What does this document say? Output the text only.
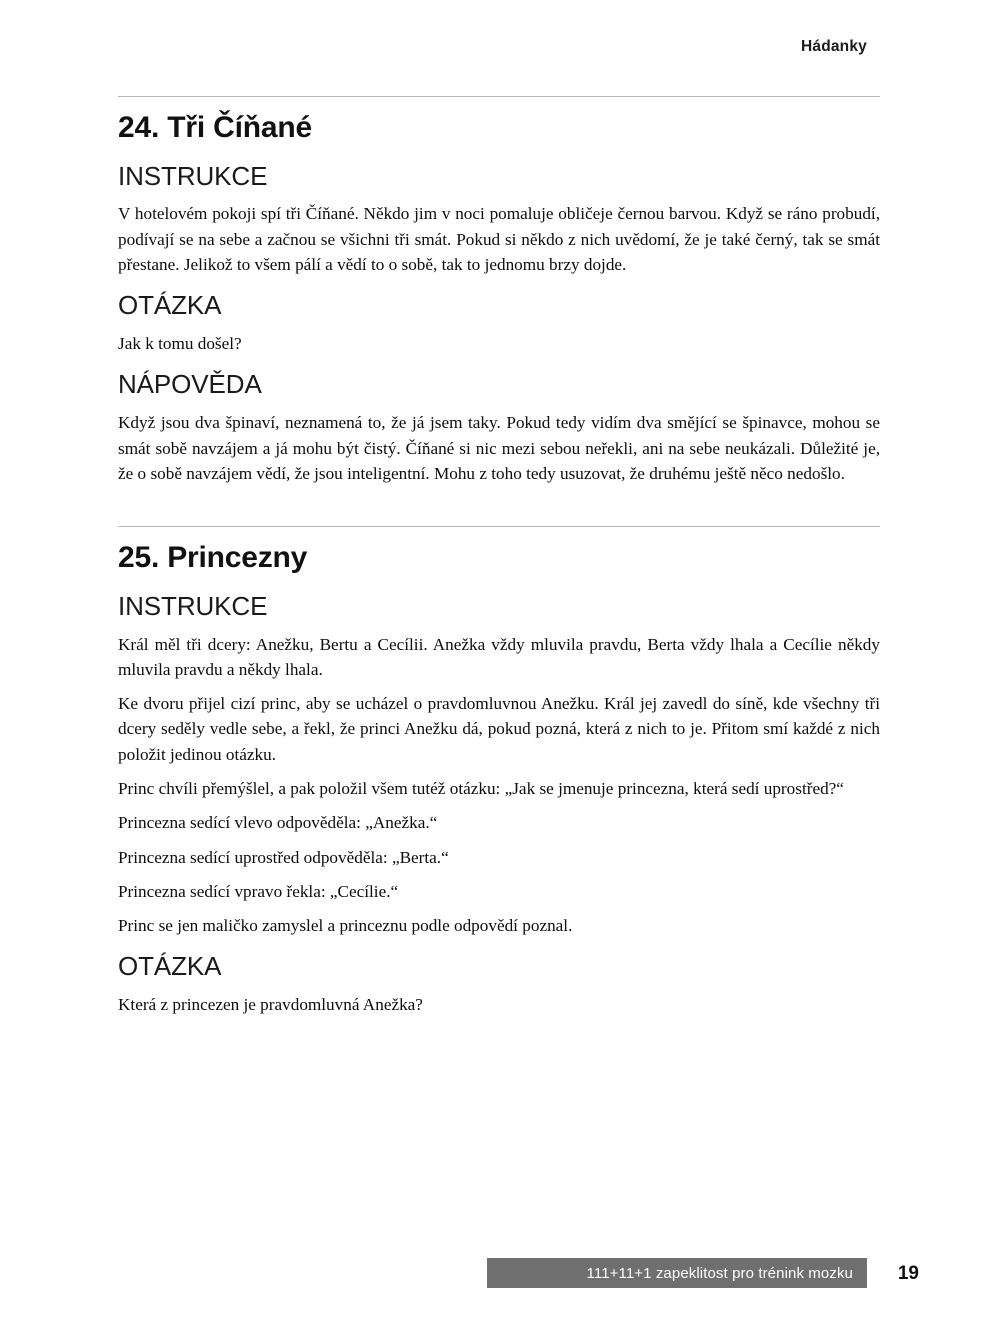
Hádanky
24. Tři Číňané
INSTRUKCE

V hotelovém pokoji spí tři Číňané. Někdo jim v noci pomaluje obličeje černou barvou. Když se ráno probudí, podívají se na sebe a začnou se všichni tři smát. Pokud si někdo z nich uvědomí, že je také černý, tak se smát přestane. Jelikož to všem pálí a vědí to o sobě, tak to jednomu brzy dojde.

OTÁZKA

Jak k tomu došel?

NÁPOVĚDA

Když jsou dva špinaví, neznamená to, že já jsem taky. Pokud tedy vidím dva smějící se špinavce, mohou se smát sobě navzájem a já mohu být čistý. Číňané si nic mezi sebou neřekli, ani na sebe neukázali. Důležité je, že o sobě navzájem vědí, že jsou inteligentní. Mohu z toho tedy usuzovat, že druhému ještě něco nedošlo.

25. Princezny
INSTRUKCE

Král měl tři dcery: Anežku, Bertu a Cecílii. Anežka vždy mluvila pravdu, Berta vždy lhala a Cecílie někdy mluvila pravdu a někdy lhala.

Ke dvoru přijel cizí princ, aby se ucházel o pravdomluvnou Anežku. Král jej zavedl do síně, kde všechny tři dcery seděly vedle sebe, a řekl, že princi Anežku dá, pokud pozná, která z nich to je. Přitom smí každé z nich položit jedinou otázku.

Princ chvíli přemýšlel, a pak položil všem tutéž otázku: „Jak se jmenuje princezna, která sedí uprostřed?“

Princezna sedící vlevo odpověděla: „Anežka.“

Princezna sedící uprostřed odpověděla: „Berta.“

Princezna sedící vpravo řekla: „Cecílie.“

Princ se jen maličko zamyslel a princeznu podle odpovědí poznal.

OTÁZKA

Která z princezen je pravdomluvná Anežka?

111+11+1 zapeklitost pro trénink mozku 19
